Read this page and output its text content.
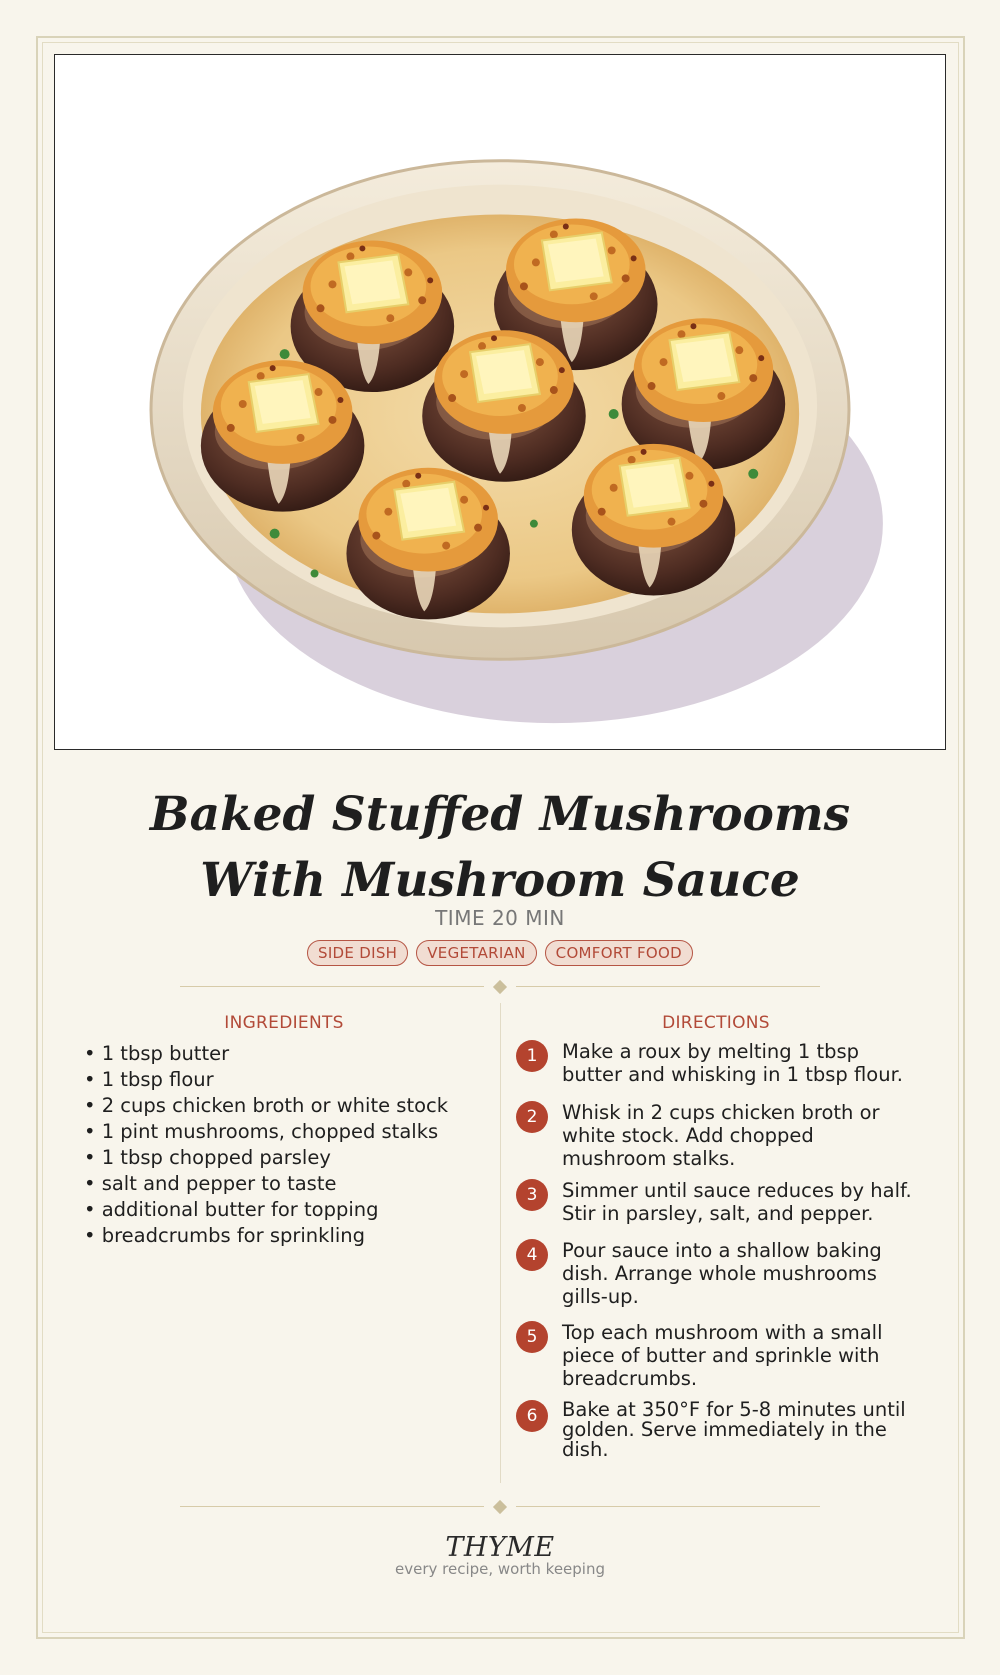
Baked Stuffed Mushrooms With Mushroom Sauce
TIME 20 MIN
SIDE DISH	VEGETARIAN	COMFORT FOOD
INGREDIENTS
• 1 tbsp butter
• 1 tbsp flour
• 2 cups chicken broth or white stock
• 1 pint mushrooms, chopped stalks
• 1 tbsp chopped parsley
• salt and pepper to taste
• additional butter for topping
• breadcrumbs for sprinkling
DIRECTIONS
1	Make a roux by melting 1 tbsp butter and whisking in 1 tbsp flour.
2	Whisk in 2 cups chicken broth or white stock. Add chopped mushroom stalks.
3	Simmer until sauce reduces by half. Stir in parsley, salt, and pepper.
4	Pour sauce into a shallow baking dish. Arrange whole mushrooms gills-up.
5	Top each mushroom with a small piece of butter and sprinkle with breadcrumbs.
6	Bake at 350°F for 5-8 minutes until golden. Serve immediately in the dish.
THYME
every recipe, worth keeping
